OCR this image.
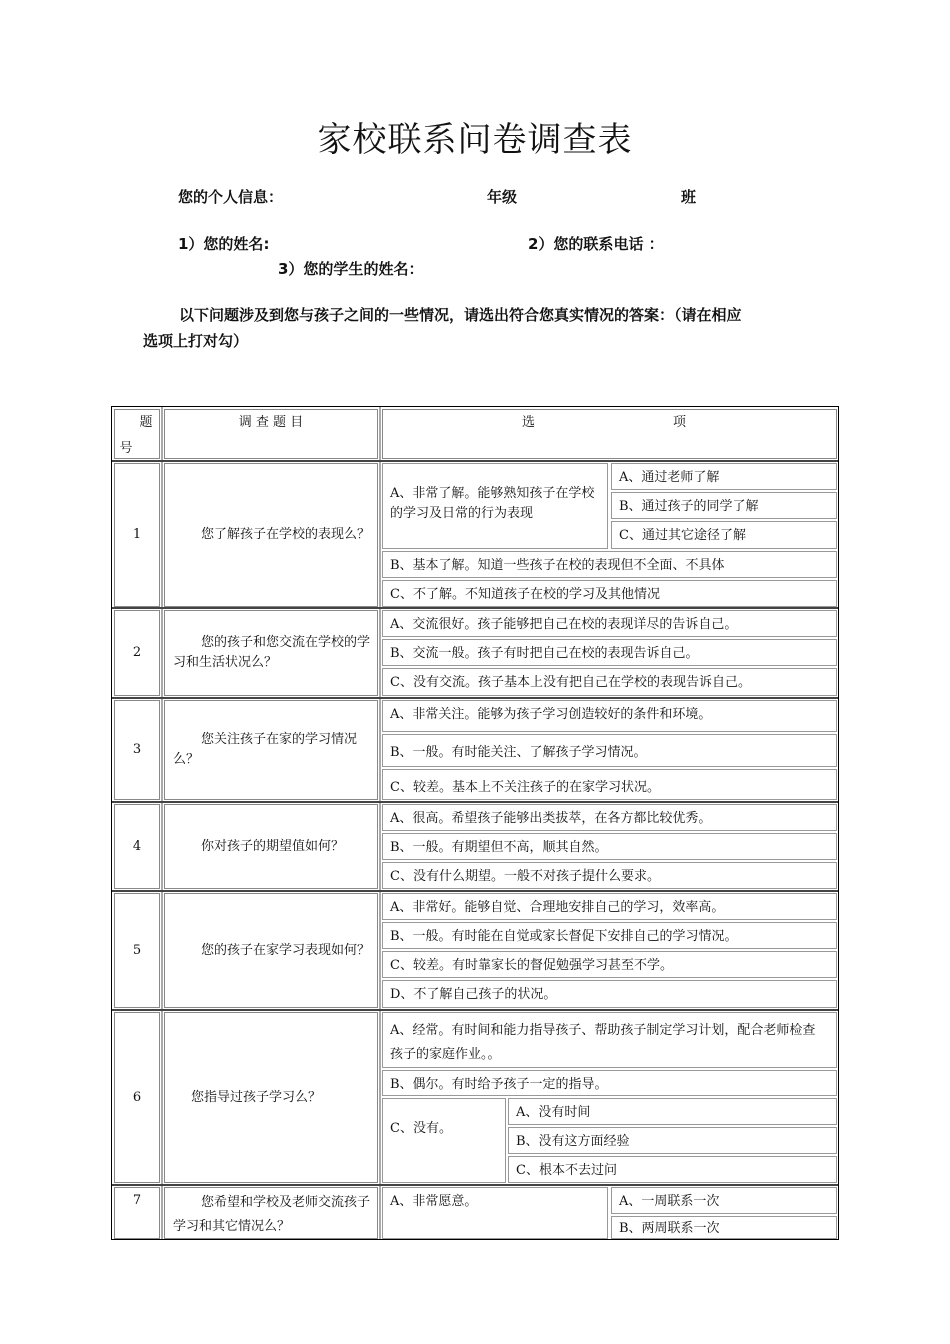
家校联系问卷调查表
您的个人信息：	年级	班
1）您的姓名:	2）您的联系电话 ：
3）您的学生的姓名：
以下问题涉及到您与孩子之间的一些情况，请选出符合您真实情况的答案：（请在相应
选项上打对勾）
题
号
调 查 题 目	选	项
1	您了解孩子在学校的表现么？
A、非常了解。能够熟知孩子在学校的学习及日常的行为表现
A、通过老师了解
B、通过孩子的同学了解
C、通过其它途径了解
B、基本了解。知道一些孩子在校的表现但不全面、不具体
C、不了解。不知道孩子在校的学习及其他情况
2
您的孩子和您交流在学校的学习和生活状况么？
A、交流很好。孩子能够把自己在校的表现详尽的告诉自己。
B、交流一般。孩子有时把自己在校的表现告诉自己。
C、没有交流。孩子基本上没有把自己在学校的表现告诉自己。
3
您关注孩子在家的学习情况么？
A、非常关注。能够为孩子学习创造较好的条件和环境。
B、一般。有时能关注、了解孩子学习情况。
C、较差。基本上不关注孩子的在家学习状况。
4	你对孩子的期望值如何？
A、很高。希望孩子能够出类拔萃，在各方都比较优秀。
B、一般。有期望但不高，顺其自然。
C、没有什么期望。一般不对孩子提什么要求。
5	您的孩子在家学习表现如何？
A、非常好。能够自觉、合理地安排自己的学习，效率高。
B、一般。有时能在自觉或家长督促下安排自己的学习情况。
C、较差。有时靠家长的督促勉强学习甚至不学。
D、不了解自己孩子的状况。
6	您指导过孩子学习么？
A、经常。有时间和能力指导孩子、帮助孩子制定学习计划，配合老师检查孩子的家庭作业。。
B、偶尔。有时给予孩子一定的指导。
C、没有。
A、没有时间
B、没有这方面经验
C、根本不去过问
7	您希望和学校及老师交流孩子学习和其它情况么？
A、非常愿意。	A、一周联系一次
B、两周联系一次
